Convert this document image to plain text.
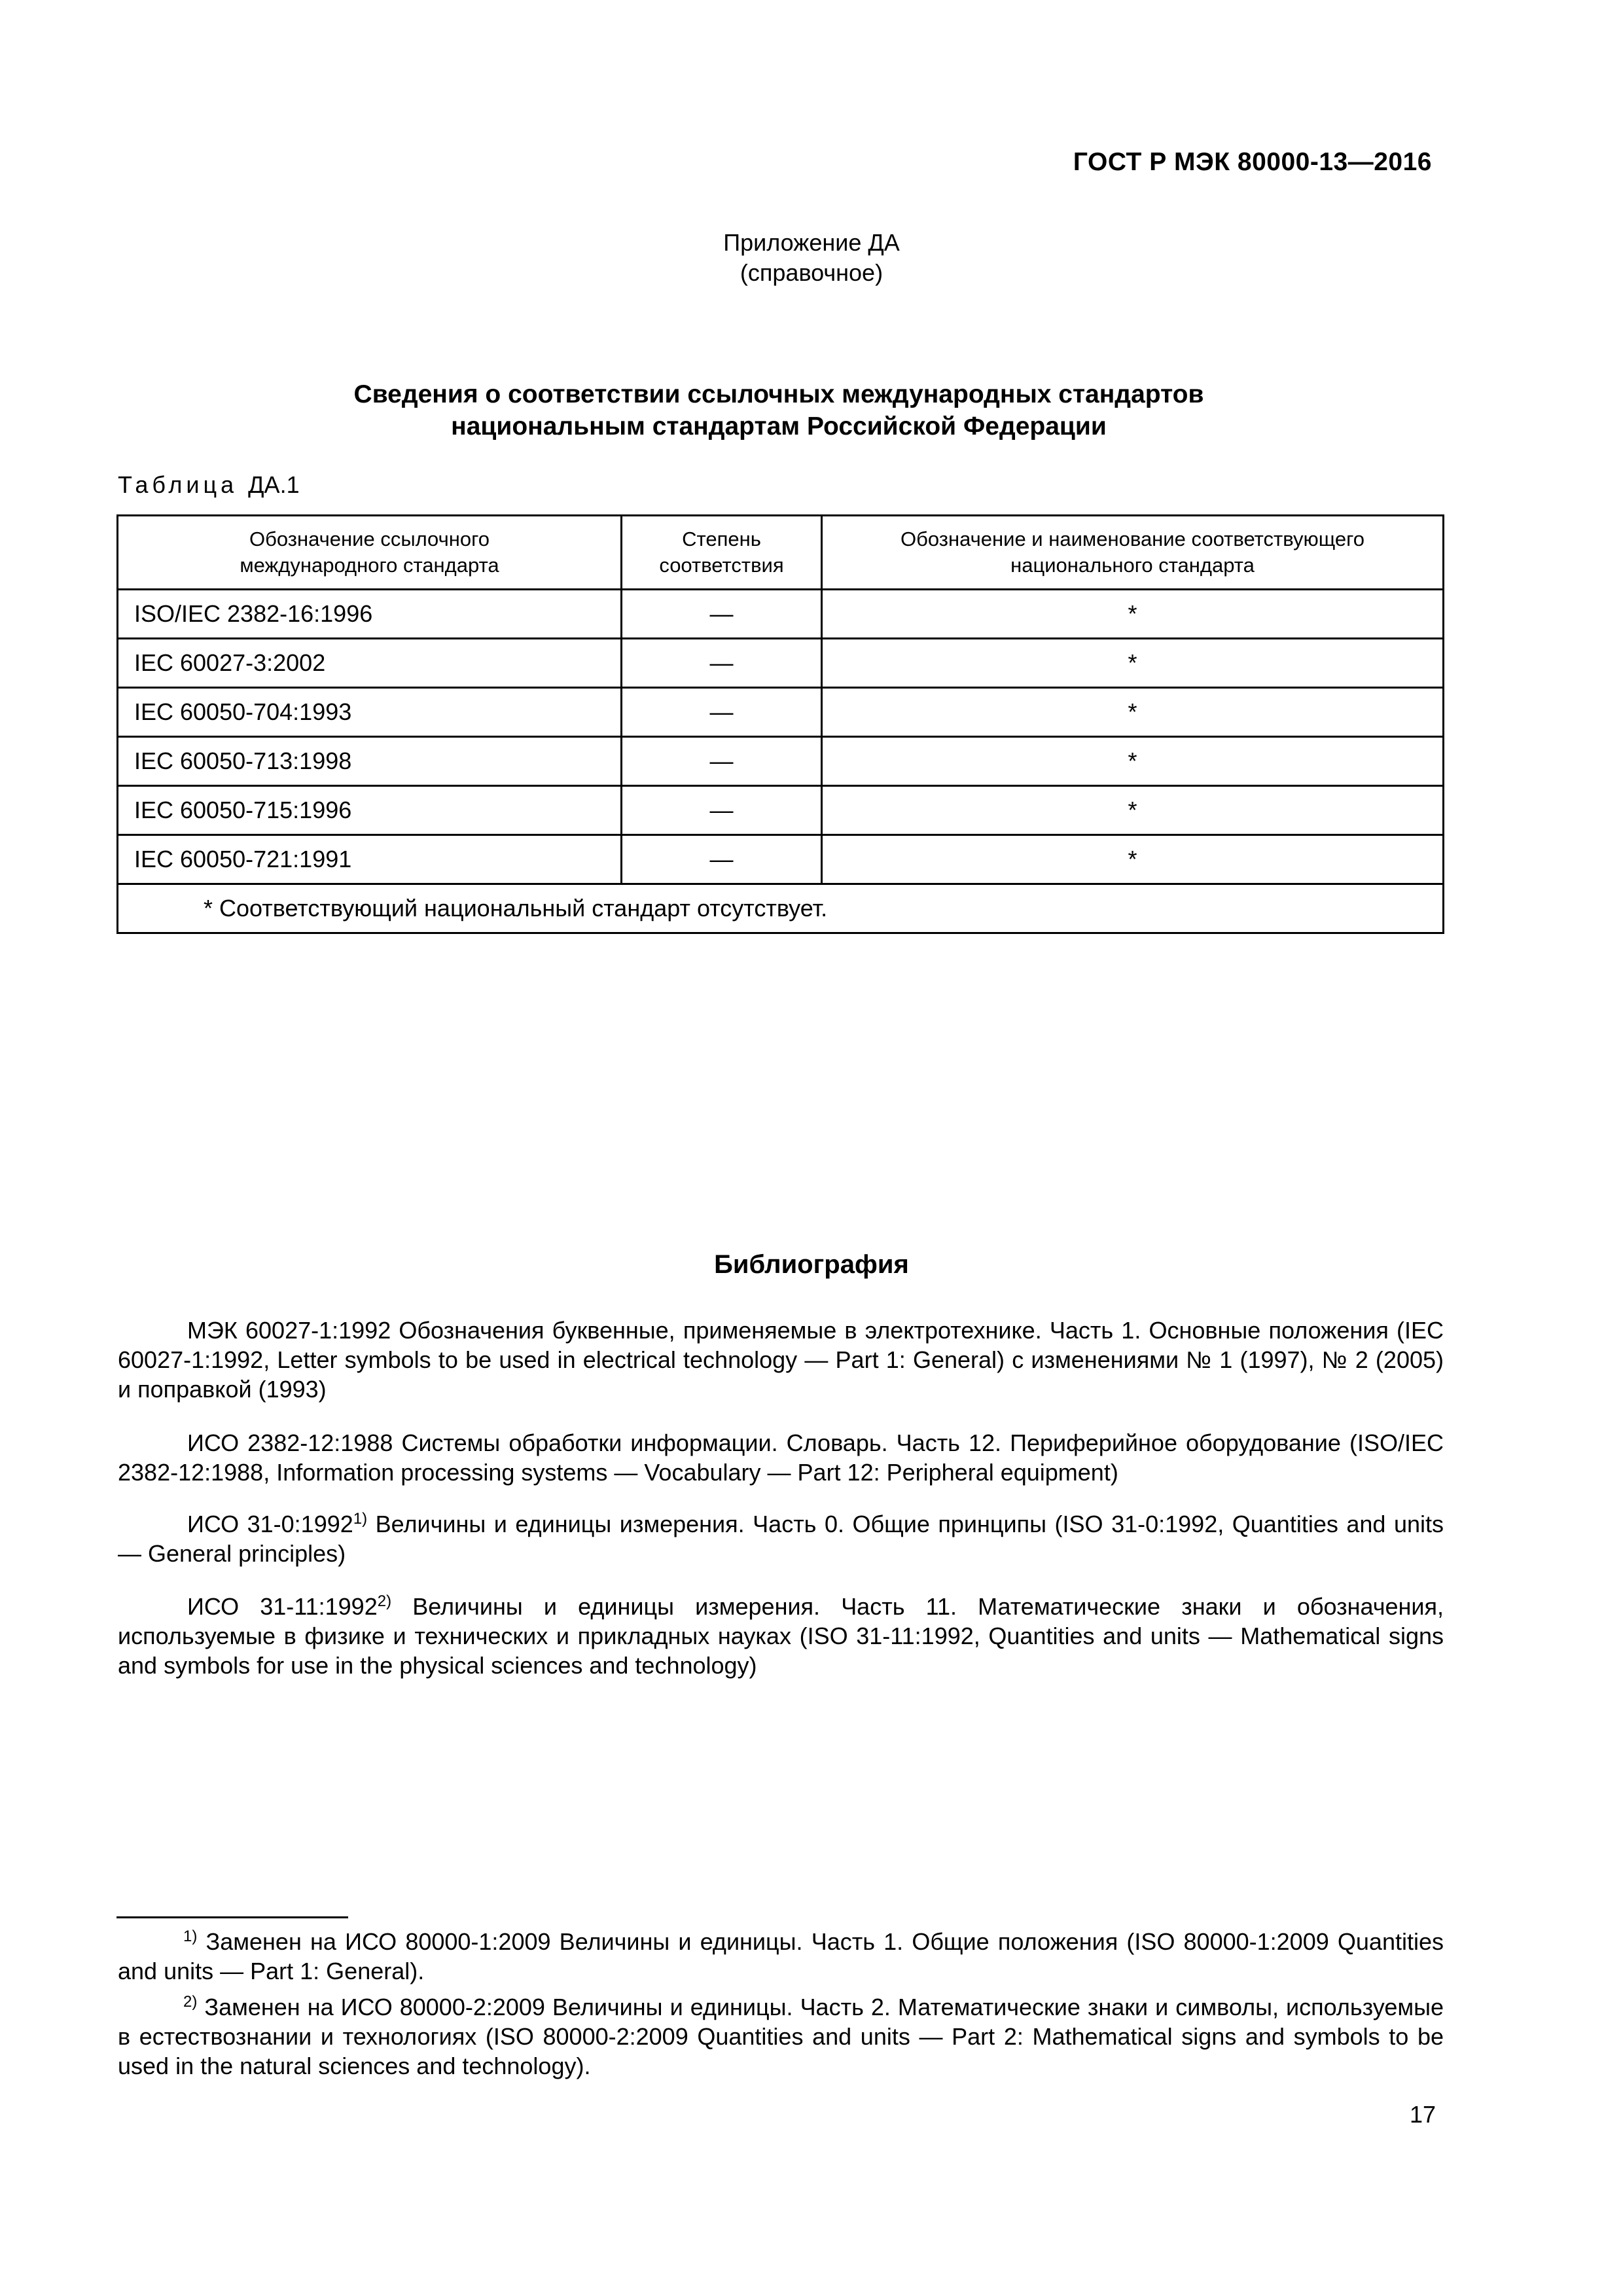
ГОСТ Р МЭК 80000-13—2016
Приложение ДА
(справочное)
Сведения о соответствии ссылочных международных стандартов
национальным стандартам Российской Федерации
Таблица ДА.1
Обозначение ссылочного международного стандарта	Степень соответствия	Обозначение и наименование соответствующего национального стандарта
ISO/IEC 2382-16:1996	—	*
IEC 60027-3:2002	—	*
IEC 60050-704:1993	—	*
IEC 60050-713:1998	—	*
IEC 60050-715:1996	—	*
IEC 60050-721:1991	—	*
* Соответствующий национальный стандарт отсутствует.		
Библиография

МЭК 60027-1:1992 Обозначения буквенные, применяемые в электротехнике. Часть 1. Основные положения (IEC 60027-1:1992, Letter symbols to be used in electrical technology — Part 1: General) с изменениями № 1 (1997), № 2 (2005) и поправкой (1993)

ИСО 2382-12:1988 Системы обработки информации. Словарь. Часть 12. Периферийное оборудование (ISO/IEC 2382-12:1988, Information processing systems — Vocabulary — Part 12: Peripheral equipment)

ИСО 31-0:1992$^{1)}$ Величины и единицы измерения. Часть 0. Общие принципы (ISO 31-0:1992, Quantities and units — General principles)

ИСО 31-11:1992$^{2)}$ Величины и единицы измерения. Часть 11. Математические знаки и обозначения, используемые в физике и технических и прикладных науках (ISO 31-11:1992, Quantities and units — Mathematical signs and symbols for use in the physical sciences and technology)

$^{1)}$ Заменен на ИСО 80000-1:2009 Величины и единицы. Часть 1. Общие положения (ISO 80000-1:2009 Quantities and units — Part 1: General).

$^{2)}$ Заменен на ИСО 80000-2:2009 Величины и единицы. Часть 2. Математические знаки и символы, используемые в естествознании и технологиях (ISO 80000-2:2009 Quantities and units — Part 2: Mathematical signs and symbols to be used in the natural sciences and technology).

17
